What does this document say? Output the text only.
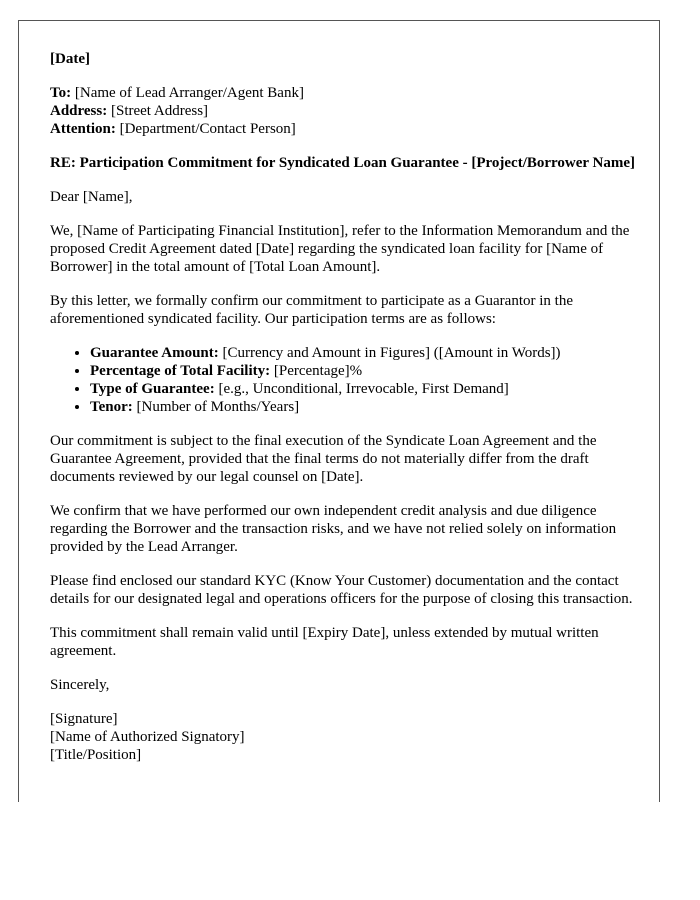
[Date]

To: [Name of Lead Arranger/Agent Bank]
Address: [Street Address]
Attention: [Department/Contact Person]

RE: Participation Commitment for Syndicated Loan Guarantee - [Project/Borrower Name]

Dear [Name],

We, [Name of Participating Financial Institution], refer to the Information Memorandum and the proposed Credit Agreement dated [Date] regarding the syndicated loan facility for [Name of Borrower] in the total amount of [Total Loan Amount].

By this letter, we formally confirm our commitment to participate as a Guarantor in the aforementioned syndicated facility. Our participation terms are as follows:

• Guarantee Amount: [Currency and Amount in Figures] ([Amount in Words])
• Percentage of Total Facility: [Percentage]%
• Type of Guarantee: [e.g., Unconditional, Irrevocable, First Demand]
• Tenor: [Number of Months/Years]

Our commitment is subject to the final execution of the Syndicate Loan Agreement and the Guarantee Agreement, provided that the final terms do not materially differ from the draft documents reviewed by our legal counsel on [Date].

We confirm that we have performed our own independent credit analysis and due diligence regarding the Borrower and the transaction risks, and we have not relied solely on information provided by the Lead Arranger.

Please find enclosed our standard KYC (Know Your Customer) documentation and the contact details for our designated legal and operations officers for the purpose of closing this transaction.

This commitment shall remain valid until [Expiry Date], unless extended by mutual written agreement.

Sincerely,

[Signature]

[Name of Authorized Signatory]

[Title/Position]
